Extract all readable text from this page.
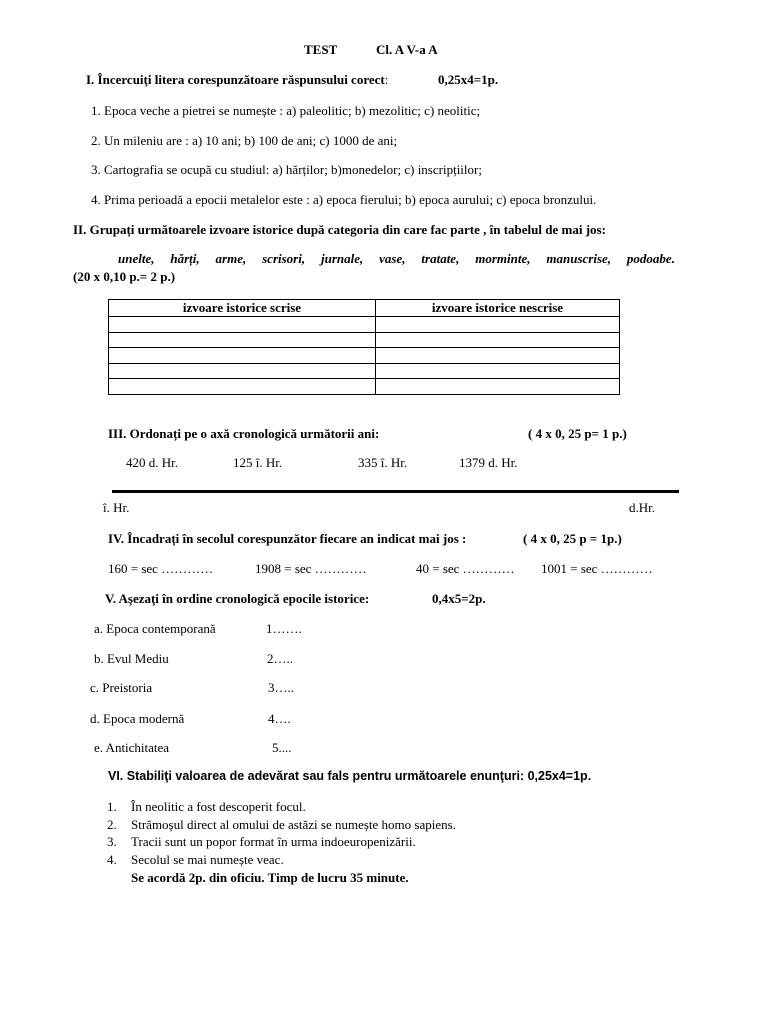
TEST	Cl. A V-a A
I. Încercuiţi litera corespunzătoare răspunsului corect:	0,25x4=1p.
1. Epoca veche a pietrei se numește : a) paleolitic; b) mezolitic; c) neolitic;
2. Un mileniu are : a) 10 ani; b) 100 de ani; c) 1000 de ani;
3. Cartografia se ocupă cu studiul: a) hărților; b)monedelor; c) inscripțiilor;
4. Prima perioadă a epocii metalelor este : a) epoca fierului; b) epoca aurului; c) epoca bronzului.
II. Grupați următoarele izvoare istorice după categoria din care fac parte , în tabelul de mai jos:
unelte, hărți, arme, scrisori, jurnale, vase, tratate, morminte, manuscrise, podoabe.
(20 x 0,10 p.= 2 p.)
izvoare istorice scrise	izvoare istorice nescrise

III. Ordonați pe o axă cronologică următorii ani:	( 4 x 0, 25 p= 1 p.)
420 d. Hr.	125 î. Hr.	335 î. Hr.	1379 d. Hr.
î. Hr.	d.Hr.
IV. Încadrați în secolul corespunzător fiecare an indicat mai jos :	( 4 x 0, 25 p = 1p.)
160 = sec …………	1908 = sec …………	40 = sec ………… 1001 = sec …………
V. Aşezaţi în ordine cronologică epocile istorice:	0,4x5=2p.
a. Epoca contemporană	1…….
b. Evul Mediu	2…..
c. Preistoria	3…..
d. Epoca modernă	4….
e. Antichitatea	5....
VI. Stabiliţi valoarea de adevărat sau fals pentru următoarele enunţuri: 0,25x4=1p.
1. În neolitic a fost descoperit focul.
2. Strămoșul direct al omului de astăzi se numește homo sapiens.
3. Tracii sunt un popor format în urma indoeuropenizării.
4. Secolul se mai numește veac.
Se acordă 2p. din oficiu. Timp de lucru 35 minute.
